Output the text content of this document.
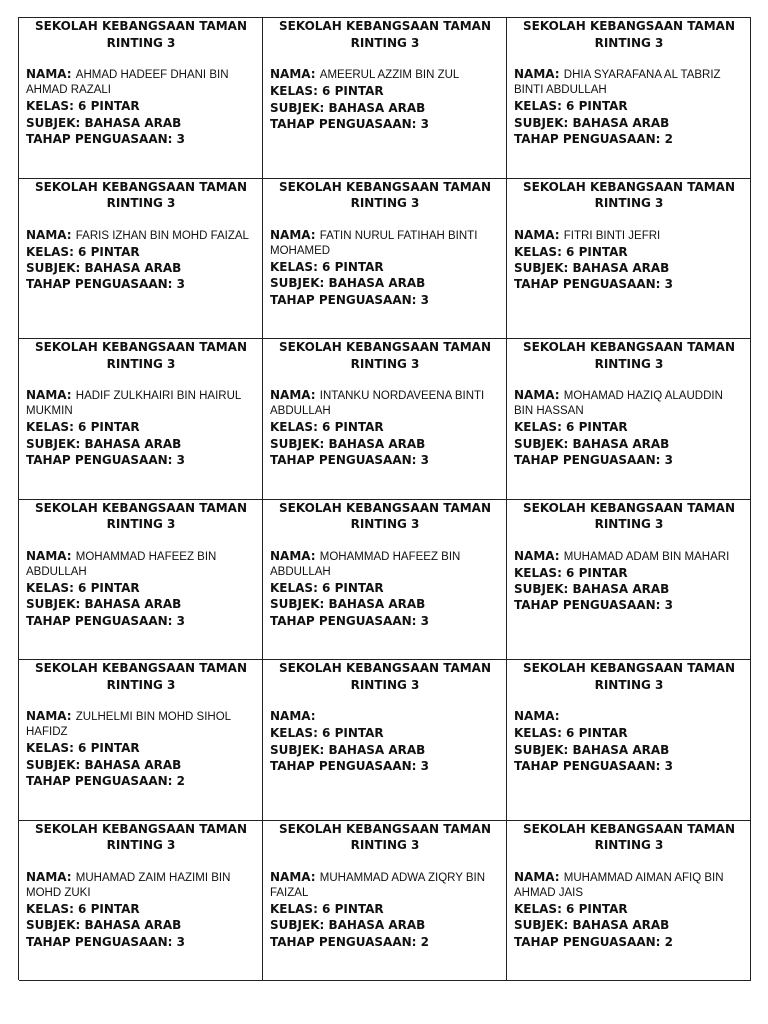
SEKOLAH KEBANGSAAN TAMAN RINTING 3
NAMA: AHMAD HADEEF DHANI BIN AHMAD RAZALI
KELAS: 6 PINTAR
SUBJEK: BAHASA ARAB
TAHAP PENGUASAAN: 3
SEKOLAH KEBANGSAAN TAMAN RINTING 3
NAMA: AMEERUL AZZIM BIN ZUL
KELAS: 6 PINTAR
SUBJEK: BAHASA ARAB
TAHAP PENGUASAAN: 3
SEKOLAH KEBANGSAAN TAMAN RINTING 3
NAMA: DHIA SYARAFANA AL TABRIZ BINTI ABDULLAH
KELAS: 6 PINTAR
SUBJEK: BAHASA ARAB
TAHAP PENGUASAAN: 2
SEKOLAH KEBANGSAAN TAMAN RINTING 3
NAMA: FARIS IZHAN BIN MOHD FAIZAL
KELAS: 6 PINTAR
SUBJEK: BAHASA ARAB
TAHAP PENGUASAAN: 3
SEKOLAH KEBANGSAAN TAMAN RINTING 3
NAMA: FATIN NURUL FATIHAH BINTI MOHAMED
KELAS: 6 PINTAR
SUBJEK: BAHASA ARAB
TAHAP PENGUASAAN: 3
SEKOLAH KEBANGSAAN TAMAN RINTING 3
NAMA: FITRI BINTI JEFRI
KELAS: 6 PINTAR
SUBJEK: BAHASA ARAB
TAHAP PENGUASAAN: 3
SEKOLAH KEBANGSAAN TAMAN RINTING 3
NAMA: HADIF ZULKHAIRI BIN HAIRUL MUKMIN
KELAS: 6 PINTAR
SUBJEK: BAHASA ARAB
TAHAP PENGUASAAN: 3
SEKOLAH KEBANGSAAN TAMAN RINTING 3
NAMA: INTANKU NORDAVEENA BINTI ABDULLAH
KELAS: 6 PINTAR
SUBJEK: BAHASA ARAB
TAHAP PENGUASAAN: 3
SEKOLAH KEBANGSAAN TAMAN RINTING 3
NAMA: MOHAMAD HAZIQ ALAUDDIN BIN HASSAN
KELAS: 6 PINTAR
SUBJEK: BAHASA ARAB
TAHAP PENGUASAAN: 3
SEKOLAH KEBANGSAAN TAMAN RINTING 3
NAMA: MOHAMMAD HAFEEZ BIN ABDULLAH
KELAS: 6 PINTAR
SUBJEK: BAHASA ARAB
TAHAP PENGUASAAN: 3
SEKOLAH KEBANGSAAN TAMAN RINTING 3
NAMA: MOHAMMAD HAFEEZ BIN ABDULLAH
KELAS: 6 PINTAR
SUBJEK: BAHASA ARAB
TAHAP PENGUASAAN: 3
SEKOLAH KEBANGSAAN TAMAN RINTING 3
NAMA: MUHAMAD ADAM BIN MAHARI
KELAS: 6 PINTAR
SUBJEK: BAHASA ARAB
TAHAP PENGUASAAN: 3
SEKOLAH KEBANGSAAN TAMAN RINTING 3
NAMA: ZULHELMI BIN MOHD SIHOL HAFIDZ
KELAS: 6 PINTAR
SUBJEK: BAHASA ARAB
TAHAP PENGUASAAN: 2
SEKOLAH KEBANGSAAN TAMAN RINTING 3
NAMA:
KELAS: 6 PINTAR
SUBJEK: BAHASA ARAB
TAHAP PENGUASAAN: 3
SEKOLAH KEBANGSAAN TAMAN RINTING 3
NAMA:
KELAS: 6 PINTAR
SUBJEK: BAHASA ARAB
TAHAP PENGUASAAN: 3
SEKOLAH KEBANGSAAN TAMAN RINTING 3
NAMA: MUHAMAD ZAIM HAZIMI BIN MOHD ZUKI
KELAS: 6 PINTAR
SUBJEK: BAHASA ARAB
TAHAP PENGUASAAN: 3
SEKOLAH KEBANGSAAN TAMAN RINTING 3
NAMA: MUHAMMAD ADWA ZIQRY BIN FAIZAL
KELAS: 6 PINTAR
SUBJEK: BAHASA ARAB
TAHAP PENGUASAAN: 2
SEKOLAH KEBANGSAAN TAMAN RINTING 3
NAMA: MUHAMMAD AIMAN AFIQ BIN AHMAD JAIS
KELAS: 6 PINTAR
SUBJEK: BAHASA ARAB
TAHAP PENGUASAAN: 2
